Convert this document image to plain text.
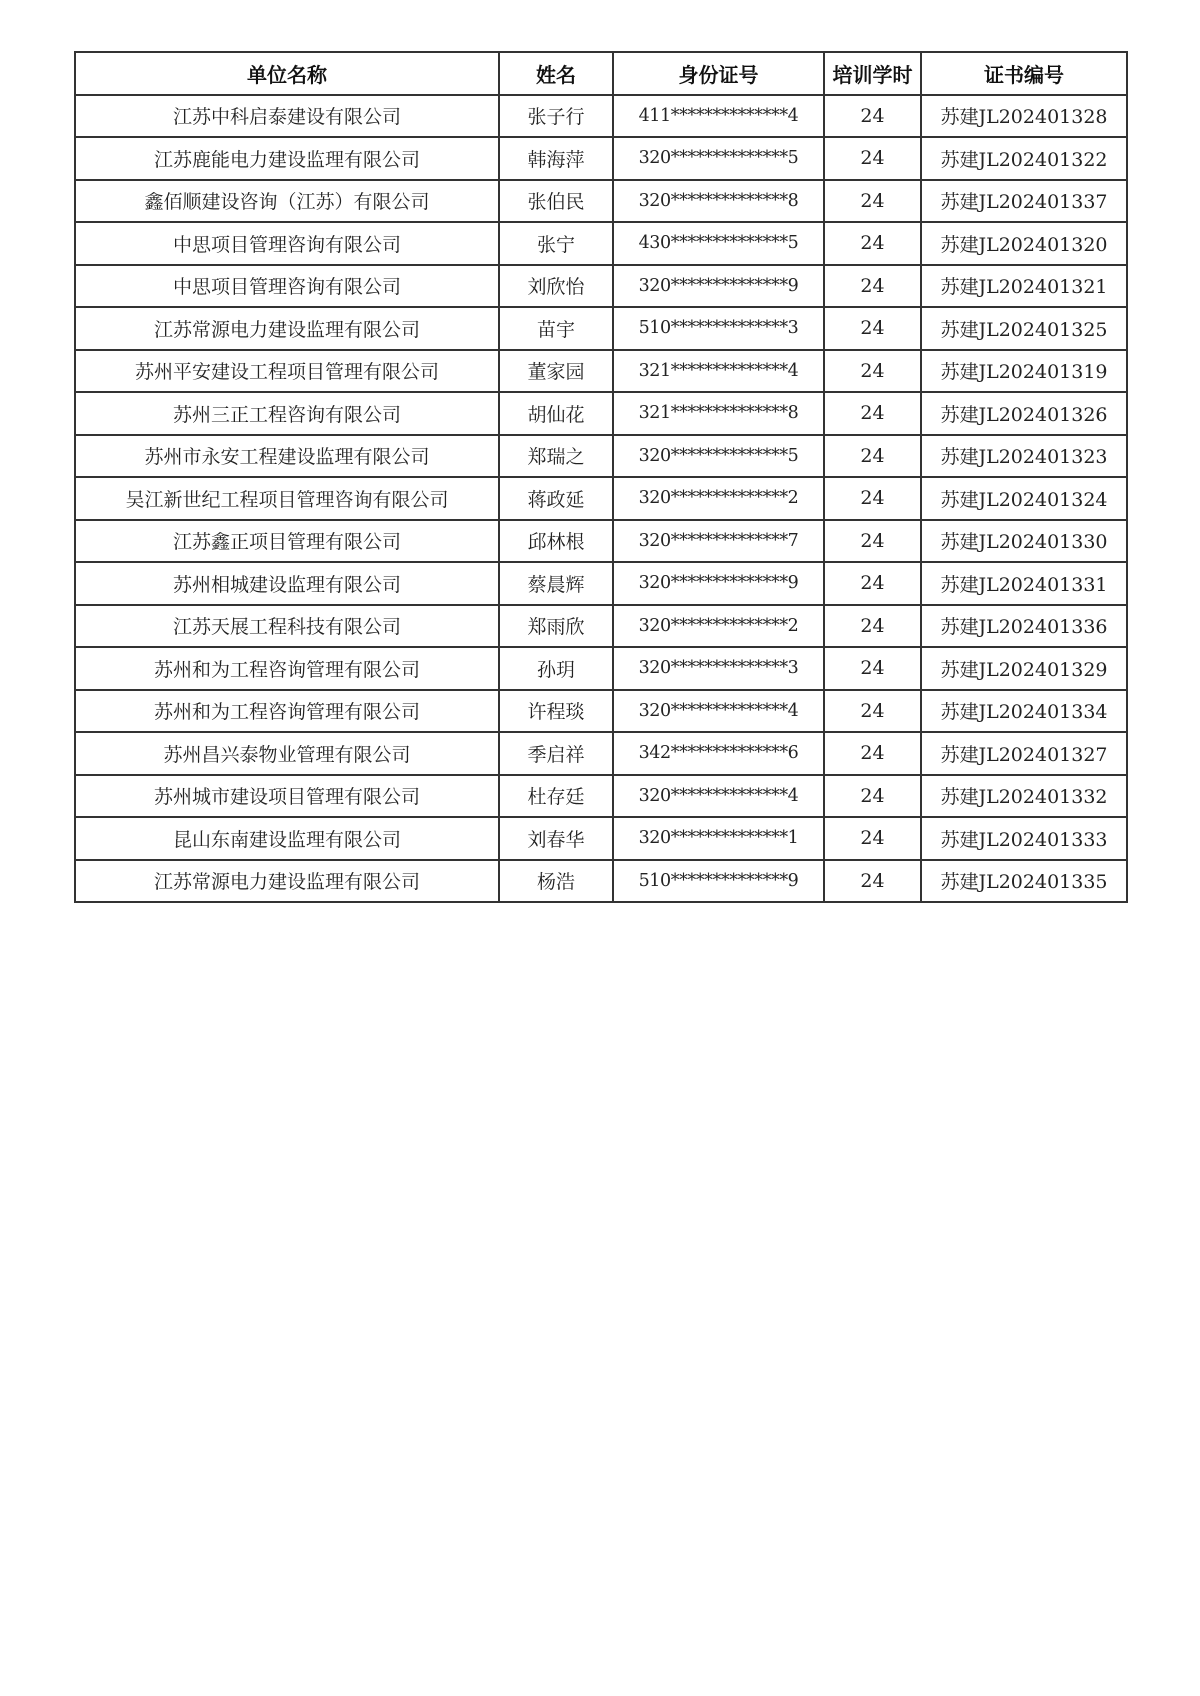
单位名称	姓名	身份证号	培训学时	证书编号
江苏中科启泰建设有限公司	张子行	411**************4	24	苏建JL202401328
江苏鹿能电力建设监理有限公司	韩海萍	320**************5	24	苏建JL202401322
鑫佰顺建设咨询（江苏）有限公司	张伯民	320**************8	24	苏建JL202401337
中思项目管理咨询有限公司	张宁	430**************5	24	苏建JL202401320
中思项目管理咨询有限公司	刘欣怡	320**************9	24	苏建JL202401321
江苏常源电力建设监理有限公司	苗宇	510**************3	24	苏建JL202401325
苏州平安建设工程项目管理有限公司	董家园	321**************4	24	苏建JL202401319
苏州三正工程咨询有限公司	胡仙花	321**************8	24	苏建JL202401326
苏州市永安工程建设监理有限公司	郑瑞之	320**************5	24	苏建JL202401323
吴江新世纪工程项目管理咨询有限公司	蒋政延	320**************2	24	苏建JL202401324
江苏鑫正项目管理有限公司	邱林根	320**************7	24	苏建JL202401330
苏州相城建设监理有限公司	蔡晨辉	320**************9	24	苏建JL202401331
江苏天展工程科技有限公司	郑雨欣	320**************2	24	苏建JL202401336
苏州和为工程咨询管理有限公司	孙玥	320**************3	24	苏建JL202401329
苏州和为工程咨询管理有限公司	许程琰	320**************4	24	苏建JL202401334
苏州昌兴泰物业管理有限公司	季启祥	342**************6	24	苏建JL202401327
苏州城市建设项目管理有限公司	杜存廷	320**************4	24	苏建JL202401332
昆山东南建设监理有限公司	刘春华	320**************1	24	苏建JL202401333
江苏常源电力建设监理有限公司	杨浩	510**************9	24	苏建JL202401335
